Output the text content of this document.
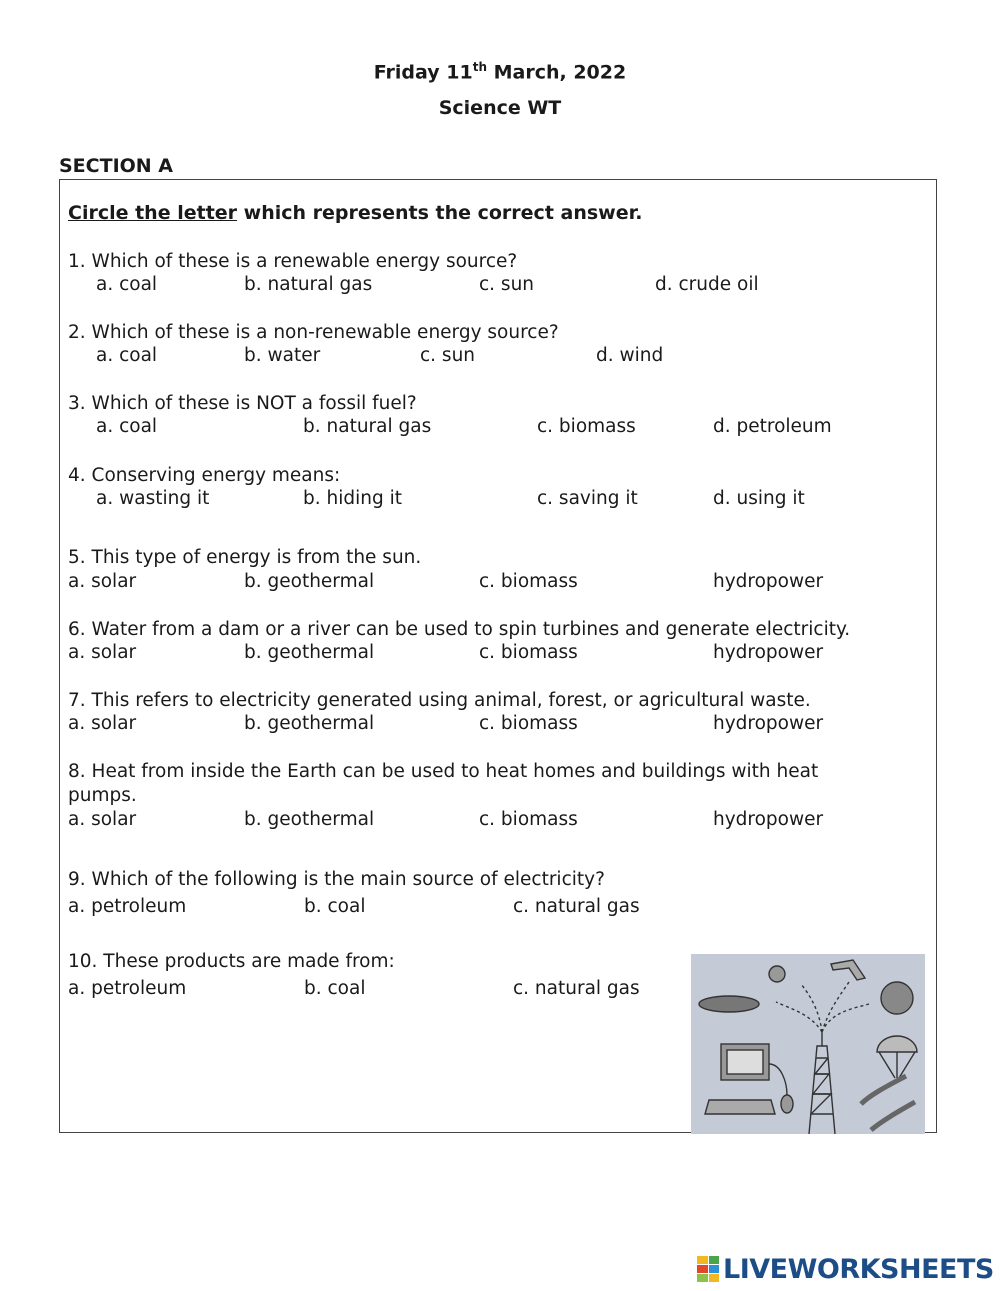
Friday 11th March, 2022
Science WT
SECTION A
Circle the letter which represents the correct answer.
1. Which of these is a renewable energy source?
a. coal	b. natural gas	c. sun	d. crude oil
2. Which of these is a non-renewable energy source?
a. coal	b. water	c. sun	d. wind
3. Which of these is NOT a fossil fuel?
a. coal	b. natural gas	c. biomass	d. petroleum
4. Conserving energy means:
a. wasting it	b. hiding it	c. saving it	d. using it
5. This type of energy is from the sun.
a. solar	b. geothermal	c. biomass	hydropower
6. Water from a dam or a river can be used to spin turbines and generate electricity.
a. solar	b. geothermal	c. biomass	hydropower
7. This refers to electricity generated using animal, forest, or agricultural waste.
a. solar	b. geothermal	c. biomass	hydropower
8. Heat from inside the Earth can be used to heat homes and buildings with heat
pumps.
a. solar	b. geothermal	c. biomass	hydropower
9. Which of the following is the main source of electricity?
a. petroleum	b. coal	c. natural gas
10. These products are made from:
a. petroleum	b. coal	c. natural gas
LIVEWORKSHEETS
